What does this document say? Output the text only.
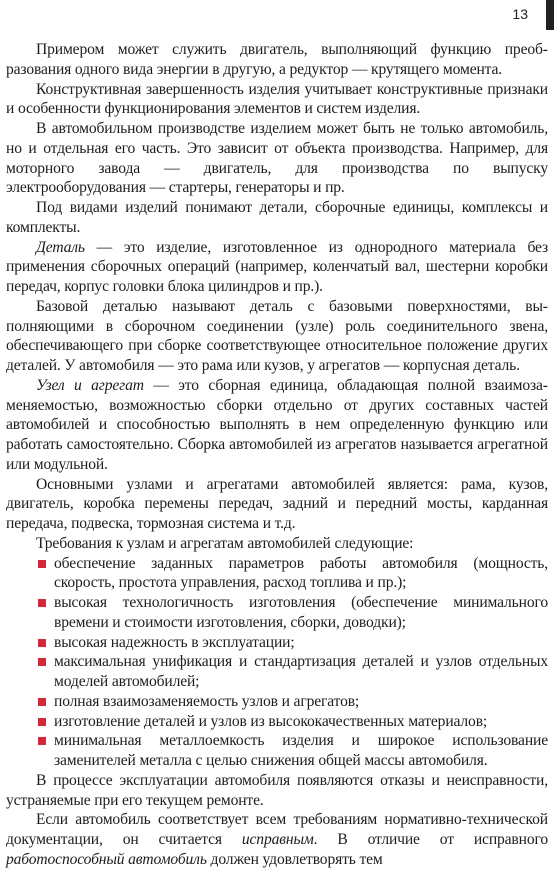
13

Примером может служить двигатель, выполняющий функцию преобразования одного вида энергии в другую, а редуктор — крутящего момента.

Конструктивная завершенность изделия учитывает конструктивные признаки и особенности функционирования элементов и систем изделия.

В автомобильном производстве изделием может быть не только автомобиль, но и отдельная его часть. Это зависит от объекта производства. Например, для моторного завода — двигатель, для производства по выпуску электрооборудования — стартеры, генераторы и пр.

Под видами изделий понимают детали, сборочные единицы, комплексы и комплекты.

Деталь — это изделие, изготовленное из однородного материала без применения сборочных операций (например, коленчатый вал, шестерни коробки передач, корпус головки блока цилиндров и пр.).

Базовой деталью называют деталь с базовыми поверхностями, выполняющими в сборочном соединении (узле) роль соединительного звена, обеспечивающего при сборке соответствующее относительное положение других деталей. У автомобиля — это рама или кузов, у агрегатов — корпусная деталь.

Узел и агрегат — это сборная единица, обладающая полной взаимозаменяемостью, возможностью сборки отдельно от других составных частей автомобилей и способностью выполнять в нем определенную функцию или работать самостоятельно. Сборка автомобилей из агрегатов называется агрегатной или модульной.

Основными узлами и агрегатами автомобилей является: рама, кузов, двигатель, коробка перемены передач, задний и передний мосты, карданная передача, подвеска, тормозная система и т.д.

Требования к узлам и агрегатам автомобилей следующие:

обеспечение заданных параметров работы автомобиля (мощность, скорость, простота управления, расход топлива и пр.);
высокая технологичность изготовления (обеспечение минимального времени и стоимости изготовления, сборки, доводки);
высокая надежность в эксплуатации;
максимальная унификация и стандартизация деталей и узлов отдельных моделей автомобилей;
полная взаимозаменяемость узлов и агрегатов;
изготовление деталей и узлов из высококачественных материалов;
минимальная металлоемкость изделия и широкое использование заменителей металла с целью снижения общей массы автомобиля.

В процессе эксплуатации автомобиля появляются отказы и неисправности, устраняемые при его текущем ремонте.

Если автомобиль соответствует всем требованиям нормативно-технической документации, он считается исправным. В отличие от исправного работоспособный автомобиль должен удовлетворять тем
